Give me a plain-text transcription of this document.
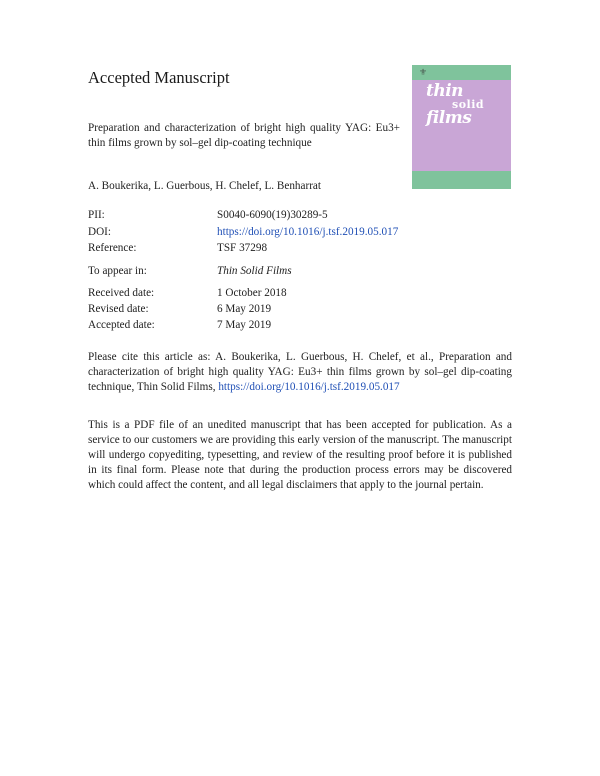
Accepted Manuscript

Preparation and characterization of bright high quality YAG: Eu3+ thin films grown by sol–gel dip-coating technique

A. Boukerika, L. Guerbous, H. Chelef, L. Benharrat

⚜
thin
solid
films
PII:	S0040-6090(19)30289-5
DOI:	https://doi.org/10.1016/j.tsf.2019.05.017
Reference:	TSF 37298
To appear in:	Thin Solid Films
Received date:	1 October 2018
Revised date:	6 May 2019
Accepted date:	7 May 2019

Please cite this article as: A. Boukerika, L. Guerbous, H. Chelef, et al., Preparation and characterization of bright high quality YAG: Eu3+ thin films grown by sol–gel dip-coating technique, Thin Solid Films, https://doi.org/10.1016/j.tsf.2019.05.017

This is a PDF file of an unedited manuscript that has been accepted for publication. As a service to our customers we are providing this early version of the manuscript. The manuscript will undergo copyediting, typesetting, and review of the resulting proof before it is published in its final form. Please note that during the production process errors may be discovered which could affect the content, and all legal disclaimers that apply to the journal pertain.
